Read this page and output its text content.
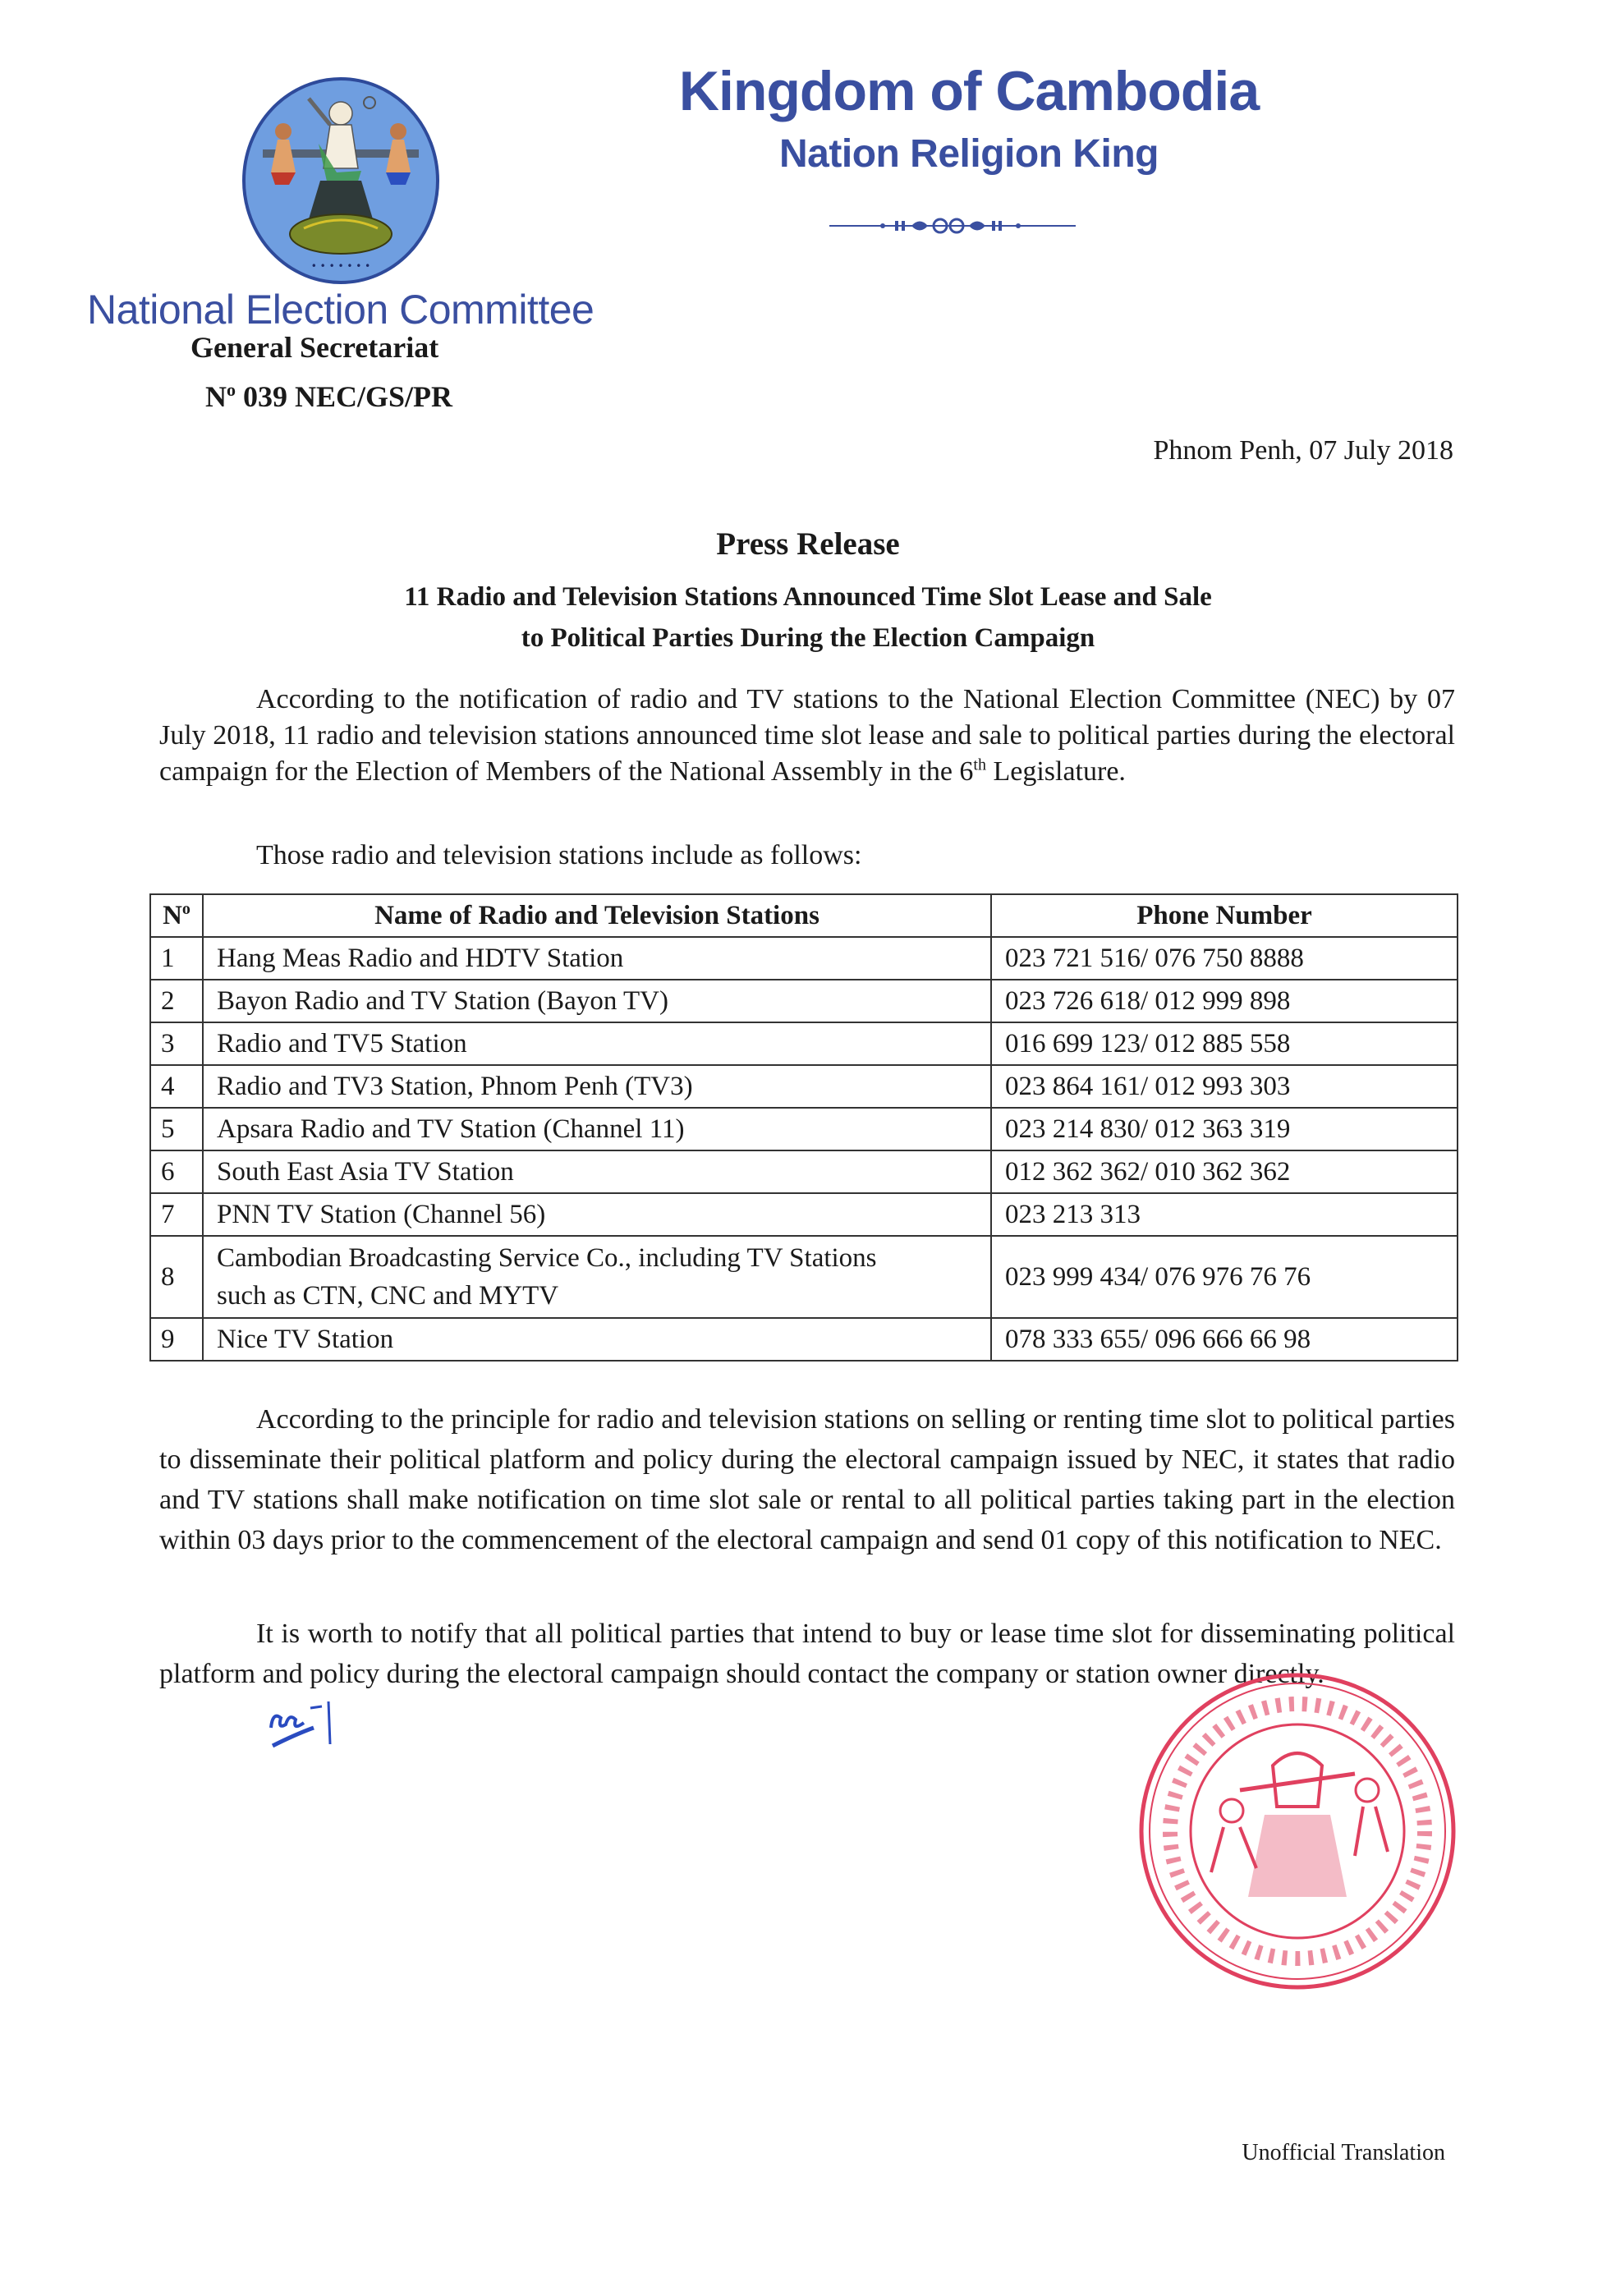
• • • • • • •
National Election Committee
General Secretariat
$N^o$ 039 NEC/GS/PR
Kingdom of Cambodia
Nation Religion King
Phnom Penh, 07 July 2018
Press Release
11 Radio and Television Stations Announced Time Slot Lease and Sale
to Political Parties During the Election Campaign
According to the notification of radio and TV stations to the National Election Committee (NEC) by 07 July 2018, 11 radio and television stations announced time slot lease and sale to political parties during the electoral campaign for the Election of Members of the National Assembly in the 6th Legislature.
Those radio and television stations include as follows:
$N^o$	Name of Radio and Television Stations	Phone Number
1	Hang Meas Radio and HDTV Station	023 721 516/ 076 750 8888
2	Bayon Radio and TV Station (Bayon TV)	023 726 618/ 012 999 898
3	Radio and TV5 Station	016 699 123/ 012 885 558
4	Radio and TV3 Station, Phnom Penh (TV3)	023 864 161/ 012 993 303
5	Apsara Radio and TV Station (Channel 11)	023 214 830/ 012 363 319
6	South East Asia TV Station	012 362 362/ 010 362 362
7	PNN TV Station (Channel 56)	023 213 313
8	Cambodian Broadcasting Service Co., including TV Stations
such as CTN, CNC and MYTV	023 999 434/ 076 976 76 76
9	Nice TV Station	078 333 655/ 096 666 66 98
According to the principle for radio and television stations on selling or renting time slot to political parties to disseminate their political platform and policy during the electoral campaign issued by NEC, it states that radio and TV stations shall make notification on time slot sale or rental to all political parties taking part in the election within 03 days prior to the commencement of the electoral campaign and send 01 copy of this notification to NEC.
It is worth to notify that all political parties that intend to buy or lease time slot for disseminating political platform and policy during the electoral campaign should contact the company or station owner directly.
Unofficial Translation
